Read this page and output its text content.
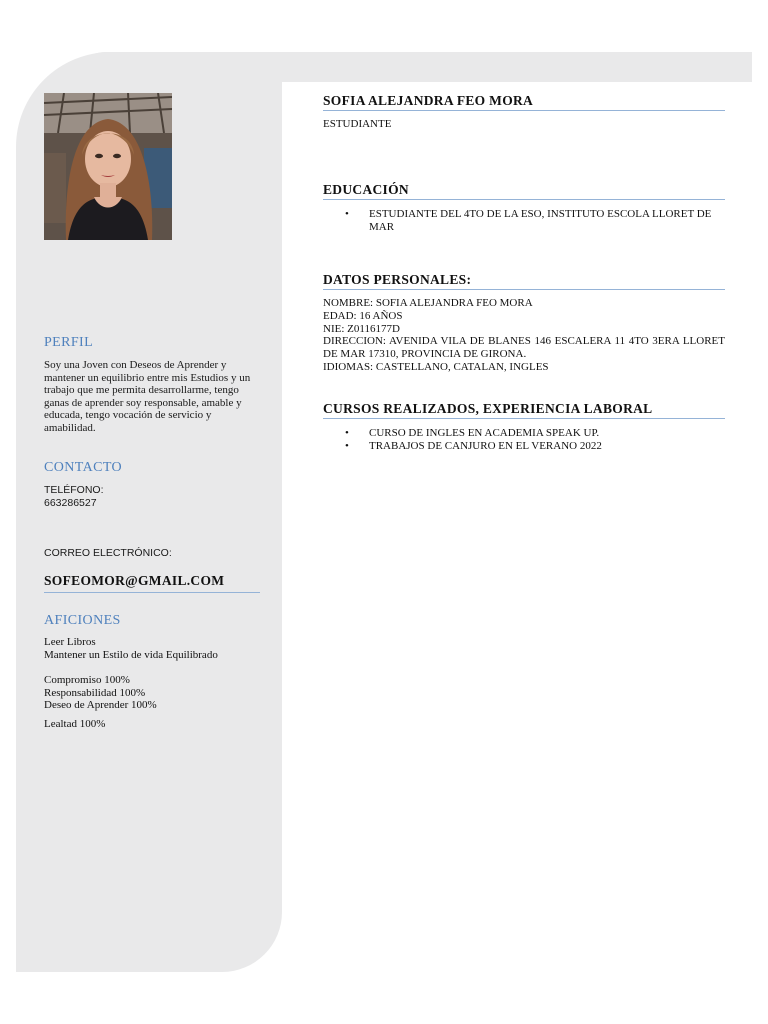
PERFIL

Soy una Joven con Deseos de Aprender y mantener un equilibrio entre mis Estudios y un trabajo que me permita desarrollarme, tengo ganas de aprender soy responsable, amable y educada, tengo vocación de servicio y amabilidad.

CONTACTO

TELÉFONO:

663286527

CORREO ELECTRÓNICO:

SOFEOMOR@GMAIL.COM
AFICIONES

Leer Libros

Mantener un Estilo de vida Equilibrado

Compromiso 100%

Responsabilidad 100%

Deseo de Aprender 100%

Lealtad 100%

SOFIA ALEJANDRA FEO MORA

ESTUDIANTE

EDUCACIÓN
• ESTUDIANTE DEL 4TO DE LA ESO, INSTITUTO ESCOLA LLORET DE MAR
DATOS PERSONALES:

NOMBRE: SOFIA ALEJANDRA FEO MORA

EDAD: 16 AÑOS

NIE: Z0116177D

DIRECCION: AVENIDA VILA DE BLANES 146 ESCALERA 11 4TO 3ERA LLORET DE MAR 17310, PROVINCIA DE GIRONA.

IDIOMAS: CASTELLANO, CATALAN, INGLES

CURSOS REALIZADOS, EXPERIENCIA LABORAL
• CURSO DE INGLES EN ACADEMIA SPEAK UP.
• TRABAJOS DE CANJURO EN EL VERANO 2022
